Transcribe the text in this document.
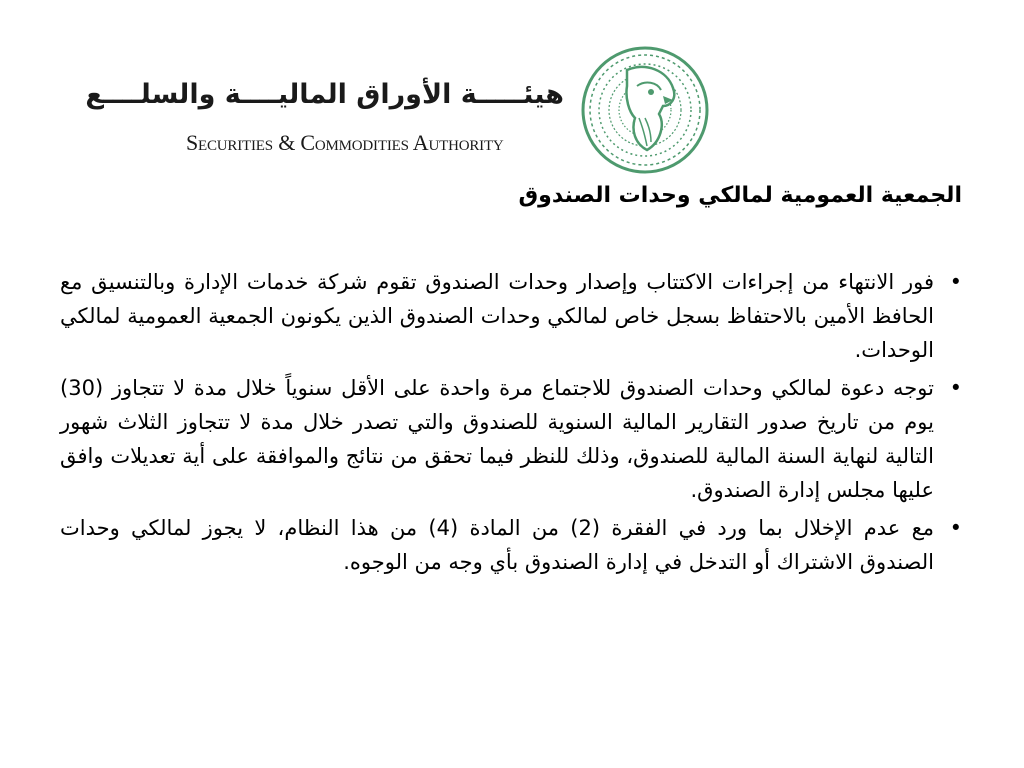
هيئـــــة الأوراق الماليــــة والسلــــع
Securities & Commodities Authority
الجمعية العمومية لمالكي وحدات الصندوق
•
فور الانتهاء من إجراءات الاكتتاب وإصدار وحدات الصندوق تقوم شركة خدمات الإدارة وبالتنسيق مع الحافظ الأمين بالاحتفاظ بسجل خاص لمالكي وحدات الصندوق الذين يكونون الجمعية العمومية لمالكي الوحدات.
•
توجه دعوة لمالكي وحدات الصندوق للاجتماع مرة واحدة على الأقل سنوياً خلال مدة لا تتجاوز (30) يوم من تاريخ صدور التقارير المالية السنوية للصندوق والتي تصدر خلال مدة لا تتجاوز الثلاث شهور التالية لنهاية السنة المالية للصندوق، وذلك للنظر فيما تحقق من نتائج والموافقة على أية تعديلات وافق عليها مجلس إدارة الصندوق.
•
مع عدم الإخلال بما ورد في الفقرة (2) من المادة (4) من هذا النظام، لا يجوز لمالكي وحدات الصندوق الاشتراك أو التدخل في إدارة الصندوق بأي وجه من الوجوه.
